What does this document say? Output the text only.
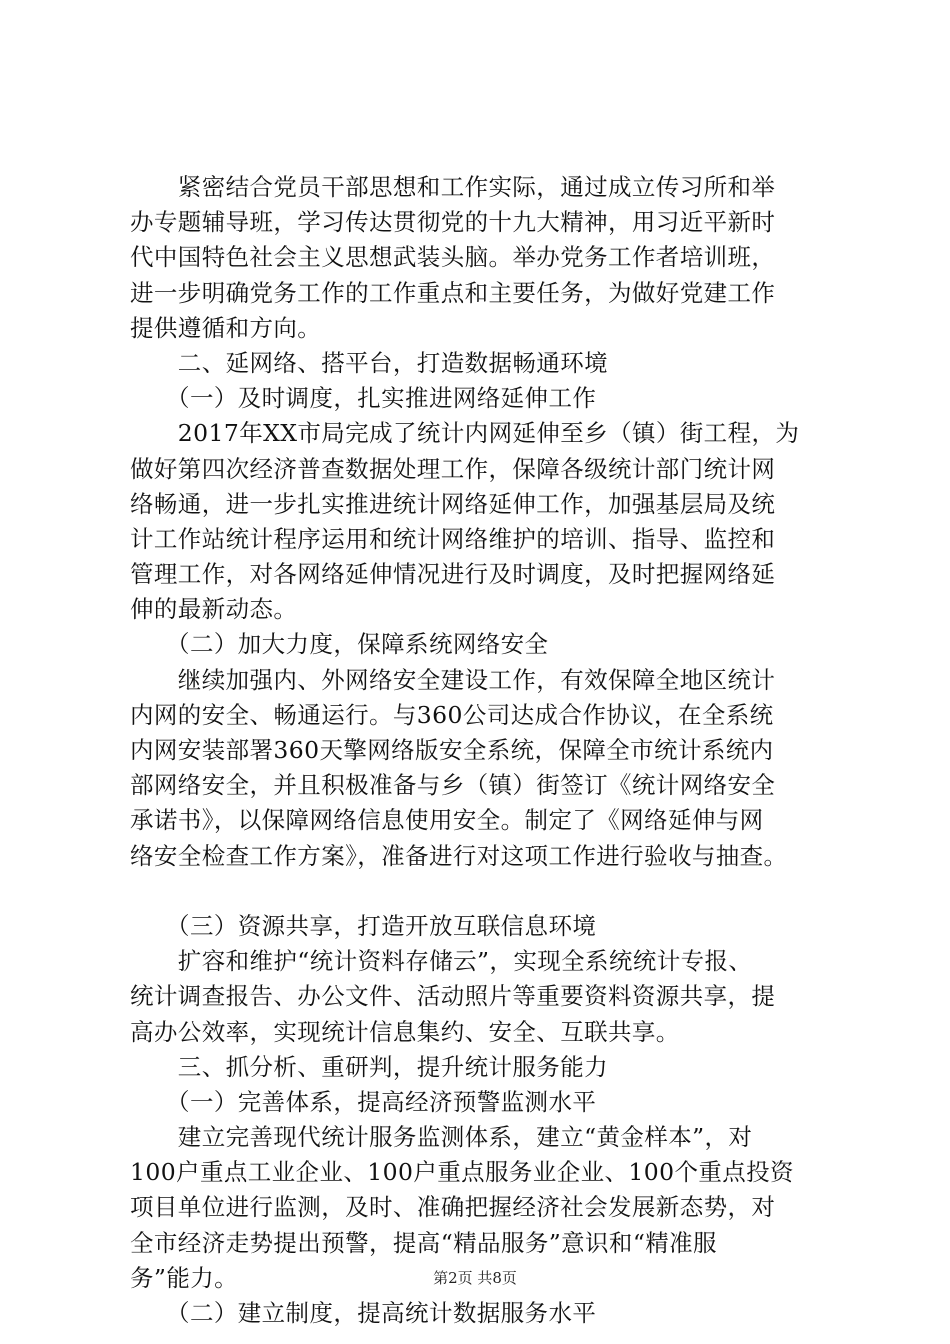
　　紧密结合党员干部思想和工作实际，通过成立传习所和举
办专题辅导班，学习传达贯彻党的十九大精神，用习近平新时
代中国特色社会主义思想武装头脑。举办党务工作者培训班，
进一步明确党务工作的工作重点和主要任务，为做好党建工作
提供遵循和方向。
　　二、延网络、搭平台，打造数据畅通环境
　　（一）及时调度，扎实推进网络延伸工作
　　2017年XX市局完成了统计内网延伸至乡（镇）街工程，为
做好第四次经济普查数据处理工作，保障各级统计部门统计网
络畅通，进一步扎实推进统计网络延伸工作，加强基层局及统
计工作站统计程序运用和统计网络维护的培训、指导、监控和
管理工作，对各网络延伸情况进行及时调度，及时把握网络延
伸的最新动态。
　　（二）加大力度，保障系统网络安全
　　继续加强内、外网络安全建设工作，有效保障全地区统计
内网的安全、畅通运行。与360公司达成合作协议，在全系统
内网安装部署360天擎网络版安全系统，保障全市统计系统内
部网络安全，并且积极准备与乡（镇）街签订《统计网络安全
承诺书》，以保障网络信息使用安全。制定了《网络延伸与网
络安全检查工作方案》，准备进行对这项工作进行验收与抽查。
　　（三）资源共享，打造开放互联信息环境
　　扩容和维护“统计资料存储云”，实现全系统统计专报、
统计调查报告、办公文件、活动照片等重要资料资源共享，提
高办公效率，实现统计信息集约、安全、互联共享。
　　三、抓分析、重研判，提升统计服务能力
　　（一）完善体系，提高经济预警监测水平
　　建立完善现代统计服务监测体系，建立“黄金样本”，对
100户重点工业企业、100户重点服务业企业、100个重点投资
项目单位进行监测，及时、准确把握经济社会发展新态势，对
全市经济走势提出预警，提高“精品服务”意识和“精准服
务”能力。
　　（二）建立制度，提高统计数据服务水平
第2页 共8页
